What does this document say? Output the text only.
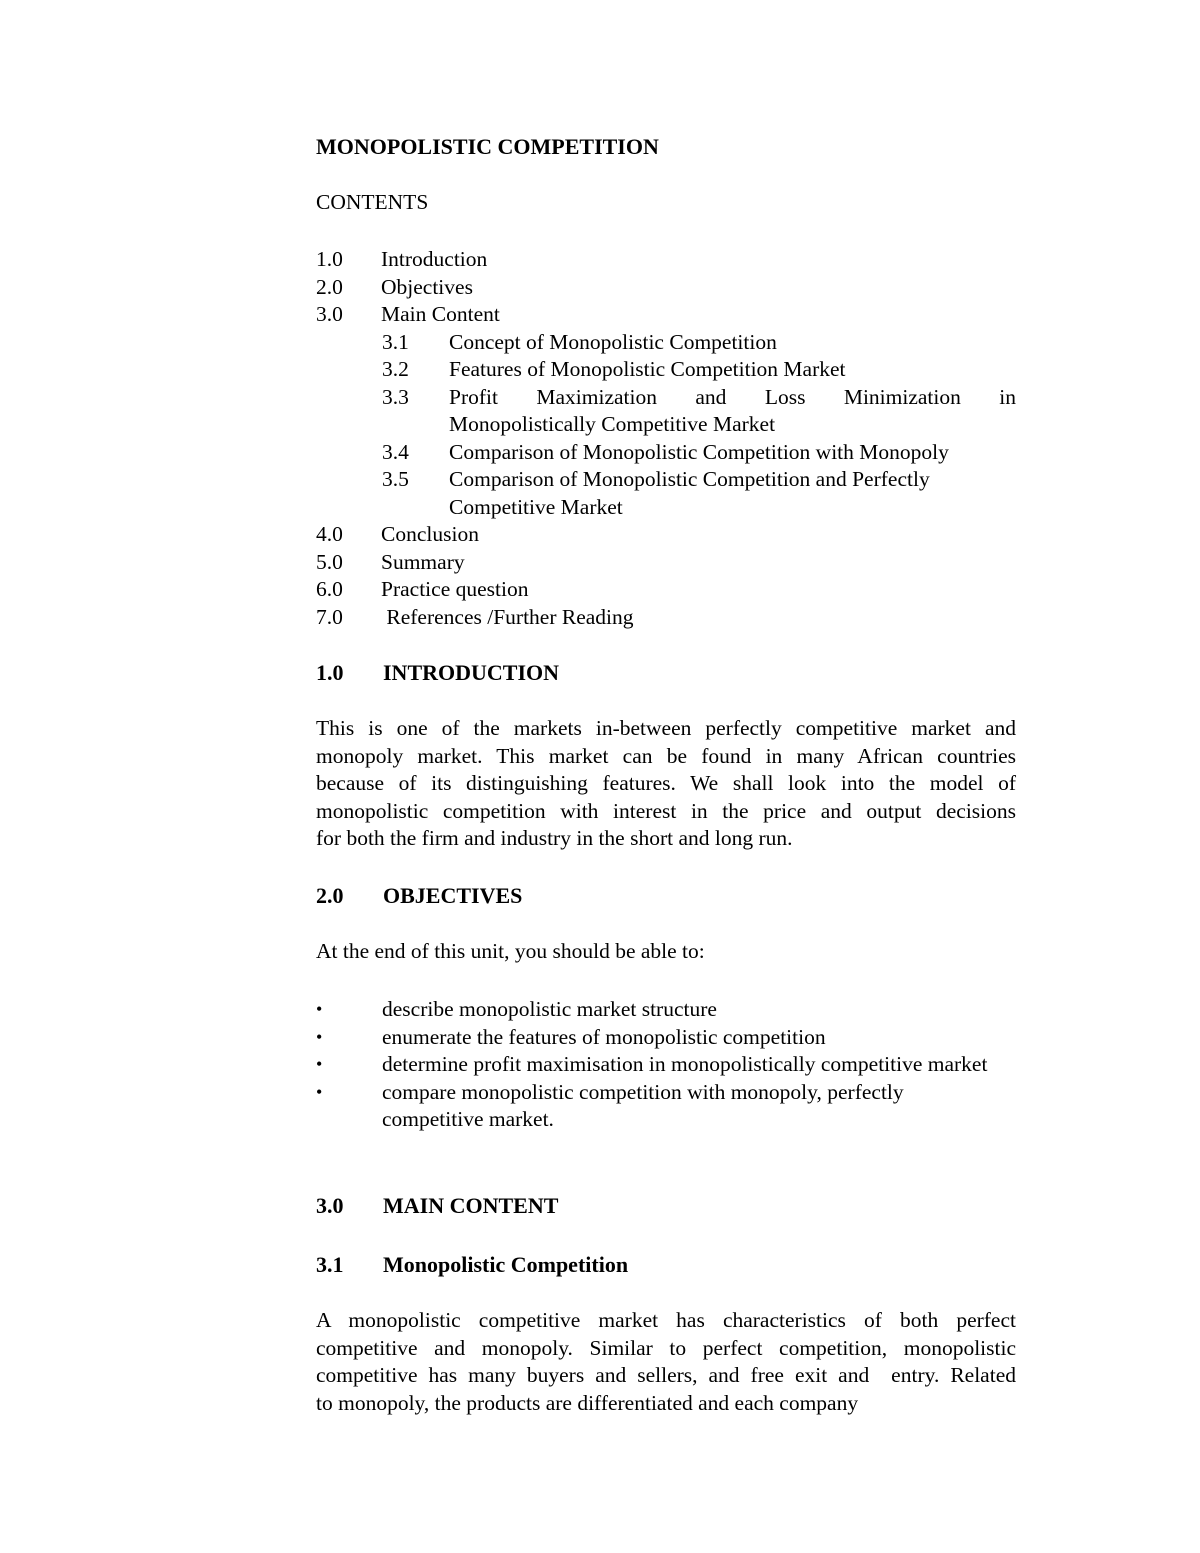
MONOPOLISTIC COMPETITION
CONTENTS
1.0	Introduction
2.0	Objectives
3.0	Main Content
3.1	Concept of Monopolistic Competition
3.2	Features of Monopolistic Competition Market
3.3	Profit Maximization and Loss Minimization in
Monopolistically Competitive Market
3.4	Comparison of Monopolistic Competition with Monopoly
3.5	Comparison of Monopolistic Competition and Perfectly
Competitive Market
4.0	Conclusion
5.0	Summary
6.0	Practice question
7.0	References /Further Reading
1.0	INTRODUCTION
This is one of the markets in-between perfectly competitive market and
monopoly market. This market can be found in many African countries
because of its distinguishing features. We shall look into the model of
monopolistic competition with interest in the price and output decisions
for both the firm and industry in the short and long run.
2.0	OBJECTIVES
At the end of this unit, you should be able to:
•	describe monopolistic market structure
•	enumerate the features of monopolistic competition
•	determine profit maximisation in monopolistically competitive market
•	compare monopolistic competition with monopoly, perfectly competitive market.
3.0	MAIN CONTENT
3.1	Monopolistic Competition
A monopolistic competitive market has characteristics of both perfect
competitive and monopoly. Similar to perfect competition, monopolistic
competitive has many buyers and sellers, and free exit and  entry. Related
to monopoly, the products are differentiated and each company
